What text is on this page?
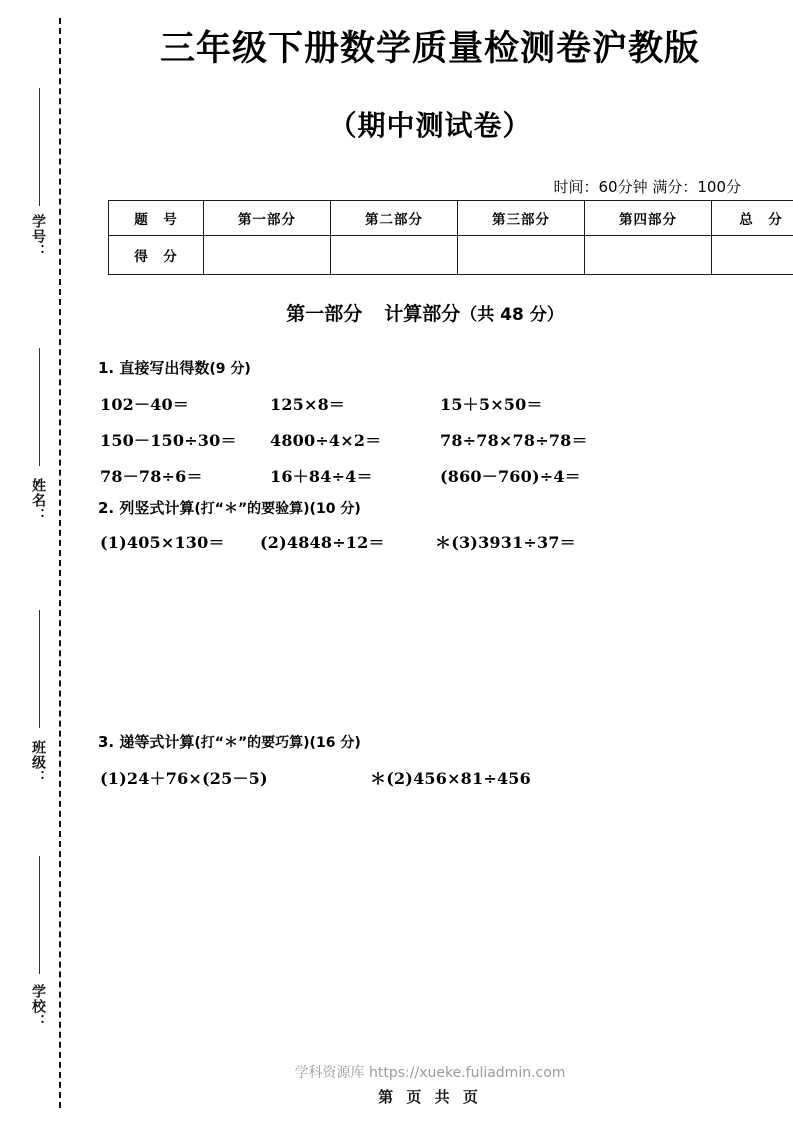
学号：
姓名：
班级：
学校：
三年级下册数学质量检测卷沪教版
（期中测试卷）
时间：60分钟 满分：100分
题　号	第一部分	第二部分	第三部分	第四部分	总　分
得　分					
第一部分 计算部分（共 48 分）
1. 直接写出得数(9 分)
102－40＝	125×8＝	15＋5×50＝
150－150÷30＝ 4800÷4×2＝	78÷78×78÷78＝
78－78÷6＝	16＋84÷4＝	(860－760)÷4＝
2. 列竖式计算(打“＊”的要验算)(10 分)
(1)405×130＝ (2)4848÷12＝	＊(3)3931÷37＝
3. 递等式计算(打“＊”的要巧算)(16 分)
(1)24＋76×(25－5)	＊(2)456×81÷456
学科资源库 https://xueke.fuliadmin.com
第 页 共 页
